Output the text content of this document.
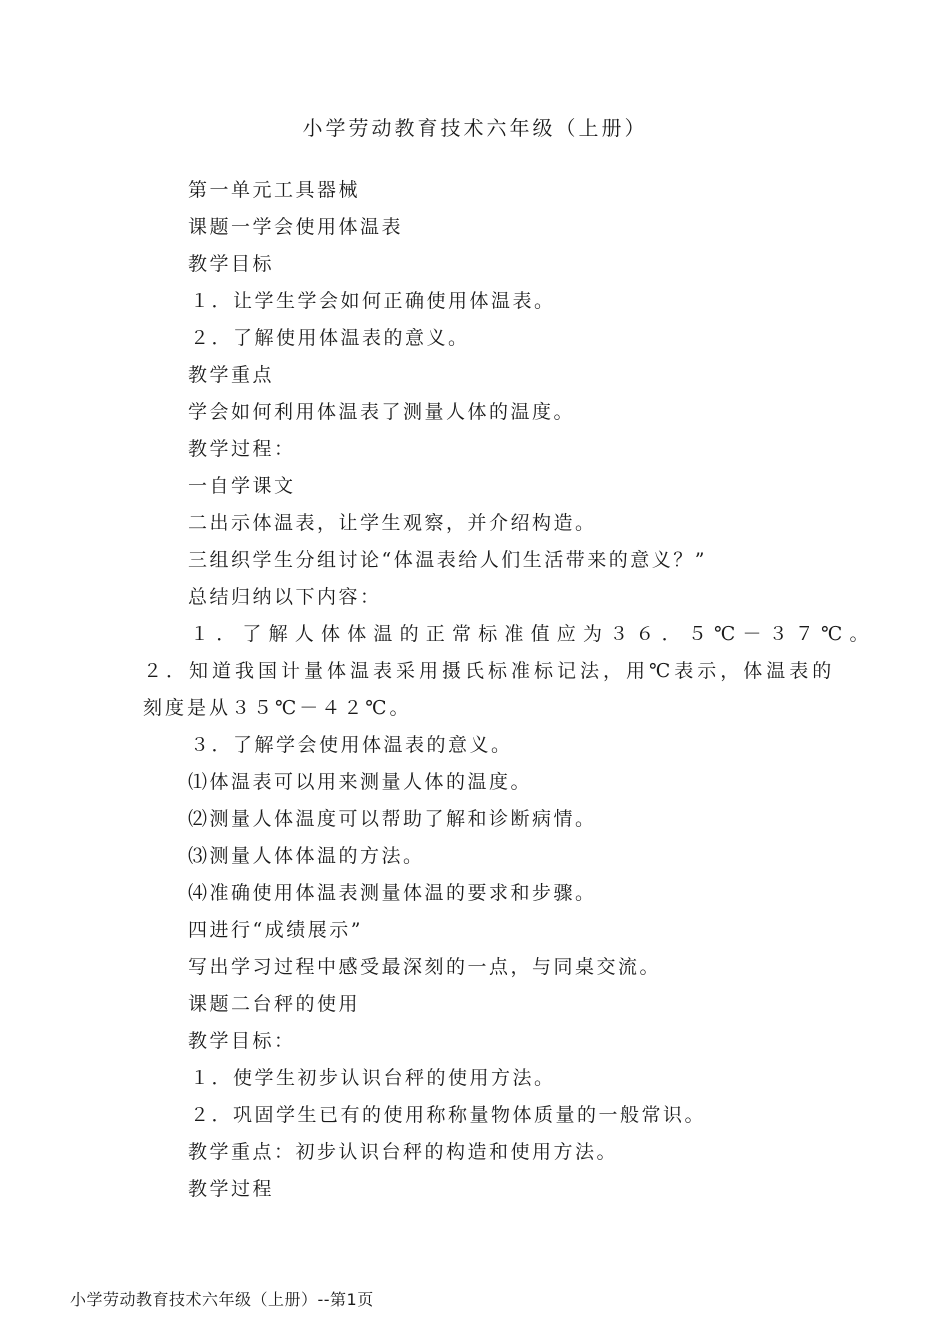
小学劳动教育技术六年级（上册）
第一单元工具器械
课题一学会使用体温表
教学目标
１．让学生学会如何正确使用体温表。
２．了解使用体温表的意义。
教学重点
学会如何利用体温表了测量人体的温度。
教学过程：
一自学课文
二出示体温表，让学生观察，并介绍构造。
三组织学生分组讨论“体温表给人们生活带来的意义？”
总结归纳以下内容：
１．了解人体体温的正常标准值应为３６．５℃－３７℃。
２．知道我国计量体温表采用摄氏标准标记法，用℃表示，体温表的
刻度是从３５℃－４２℃。
３．了解学会使用体温表的意义。
⑴体温表可以用来测量人体的温度。
⑵测量人体温度可以帮助了解和诊断病情。
⑶测量人体体温的方法。
⑷准确使用体温表测量体温的要求和步骤。
四进行“成绩展示”
写出学习过程中感受最深刻的一点，与同桌交流。
课题二台秤的使用
教学目标：
１．使学生初步认识台秤的使用方法。
２．巩固学生已有的使用称称量物体质量的一般常识。
教学重点：初步认识台秤的构造和使用方法。
教学过程
小学劳动教育技术六年级（上册）--第1页
